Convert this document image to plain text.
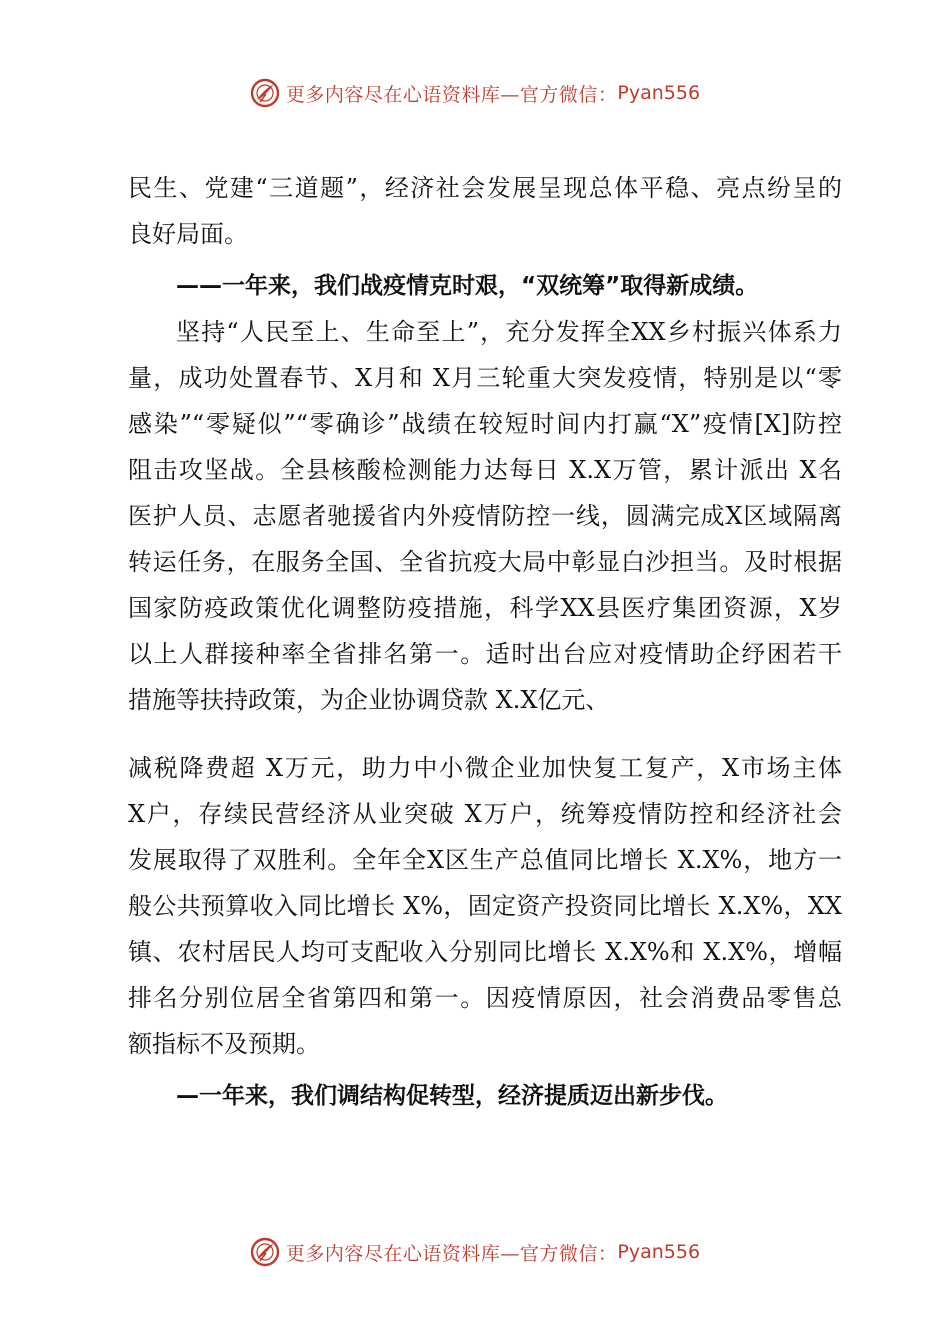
更多内容尽在心语资料库—官方微信： Pyan556
民生、党建“三道题”，经济社会发展呈现总体平稳、亮点纷呈的
良好局面。
——一年来，我们战疫情克时艰，“双统筹”取得新成绩。
坚持“人民至上、生命至上”，充分发挥全XX乡村振兴体系力
量，成功处置春节、X月和 X月三轮重大突发疫情，特别是以“零
感染”“零疑似”“零确诊”战绩在较短时间内打赢“X”疫情[X]防控
阻击攻坚战。全县核酸检测能力达每日 X.X万管，累计派出 X名
医护人员、志愿者驰援省内外疫情防控一线，圆满完成X区域隔离
转运任务，在服务全国、全省抗疫大局中彰显白沙担当。及时根据
国家防疫政策优化调整防疫措施，科学XX县医疗集团资源，X岁
以上人群接种率全省排名第一。适时出台应对疫情助企纾困若干
措施等扶持政策，为企业协调贷款 X.X亿元、
减税降费超 X万元，助力中小微企业加快复工复产，X市场主体
X户，存续民营经济从业突破 X万户，统筹疫情防控和经济社会
发展取得了双胜利。全年全X区生产总值同比增长 X.X%，地方一
般公共预算收入同比增长 X%，固定资产投资同比增长 X.X%，XX
镇、农村居民人均可支配收入分别同比增长 X.X%和 X.X%，增幅
排名分别位居全省第四和第一。因疫情原因，社会消费品零售总
额指标不及预期。
—一年来，我们调结构促转型，经济提质迈出新步伐。
更多内容尽在心语资料库—官方微信： Pyan556
